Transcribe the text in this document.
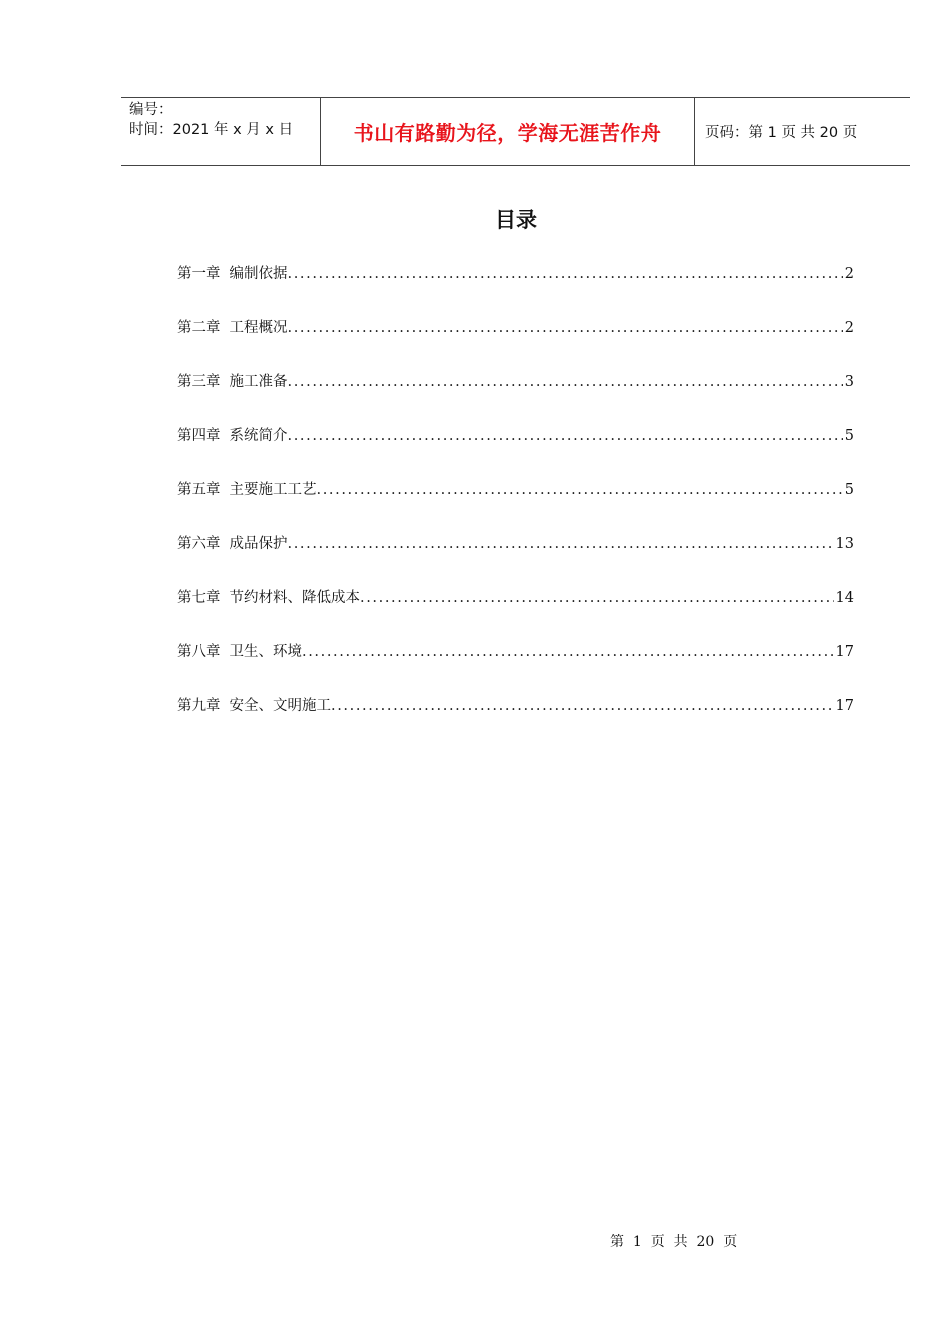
编号：
时间：2021 年 x 月 x 日	书山有路勤为径，学海无涯苦作舟	页码：第 1 页 共 20 页
目录
第一章 编制依据 .....	2
第二章 工程概况 .....	2
第三章 施工准备 .....	3
第四章 系统简介 .....	5
第五章 主要施工工艺 .....	5
第六章 成品保护 .....	13
第七章 节约材料、降低成本 .....	14
第八章 卫生、环境 .....	17
第九章 安全、文明施工 .....	17
第  1  页  共  20  页
